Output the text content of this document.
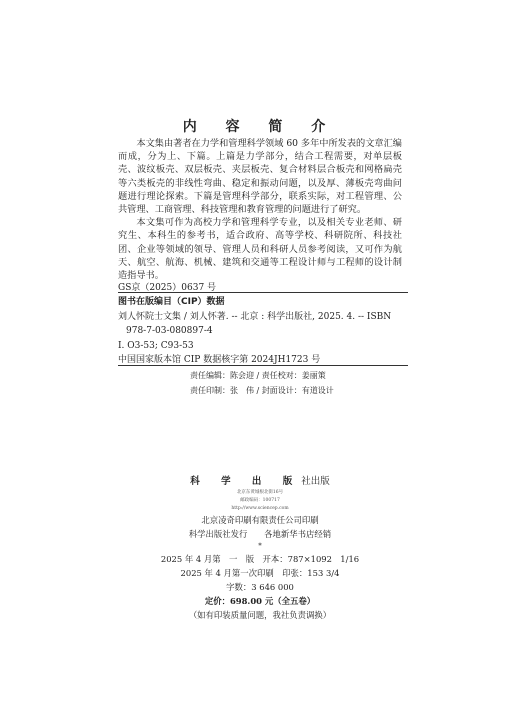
内 容 简 介

本文集由著者在力学和管理科学领域 60 多年中所发表的文章汇编而成，分为上、下篇。上篇是力学部分，结合工程需要，对单层板壳、波纹板壳、双层板壳、夹层板壳、复合材料层合板壳和网格扁壳等六类板壳的非线性弯曲、稳定和振动问题，以及厚、薄板壳弯曲问题进行理论探索。下篇是管理科学部分，联系实际，对工程管理、公共管理、工商管理、科技管理和教育管理的问题进行了研究。

本文集可作为高校力学和管理科学专业，以及相关专业老师、研究生、本科生的参考书，适合政府、高等学校、科研院所、科技社团、企业等领域的领导、管理人员和科研人员参考阅读，又可作为航天、航空、航海、机械、建筑和交通等工程设计师与工程师的设计制造指导书。

GS京（2025）0637 号
图书在版编目（CIP）数据
刘人怀院士文集 / 刘人怀著. -- 北京 : 科学出版社, 2025. 4. -- ISBN
978-7-03-080897-4
Ⅰ. O3-53; C93-53
中国国家版本馆 CIP 数据核字第 2024JH1723 号
责任编辑：陈会迎 / 责任校对：姜丽策
责任印制：张　伟 / 封面设计：有道设计
科 学 出 版社出版
北京东黄城根北街16号
邮政编码：100717
http://www.sciencep.com
北京凌奇印刷有限责任公司印刷
科学出版社发行　　各地新华书店经销
*
2025 年 4 月第　一　版　开本：787×1092　1/16
2025 年 4 月第一次印刷　印张：153 3/4
字数：3 646 000
定价：698.00 元（全五卷）
（如有印装质量问题，我社负责调换）
